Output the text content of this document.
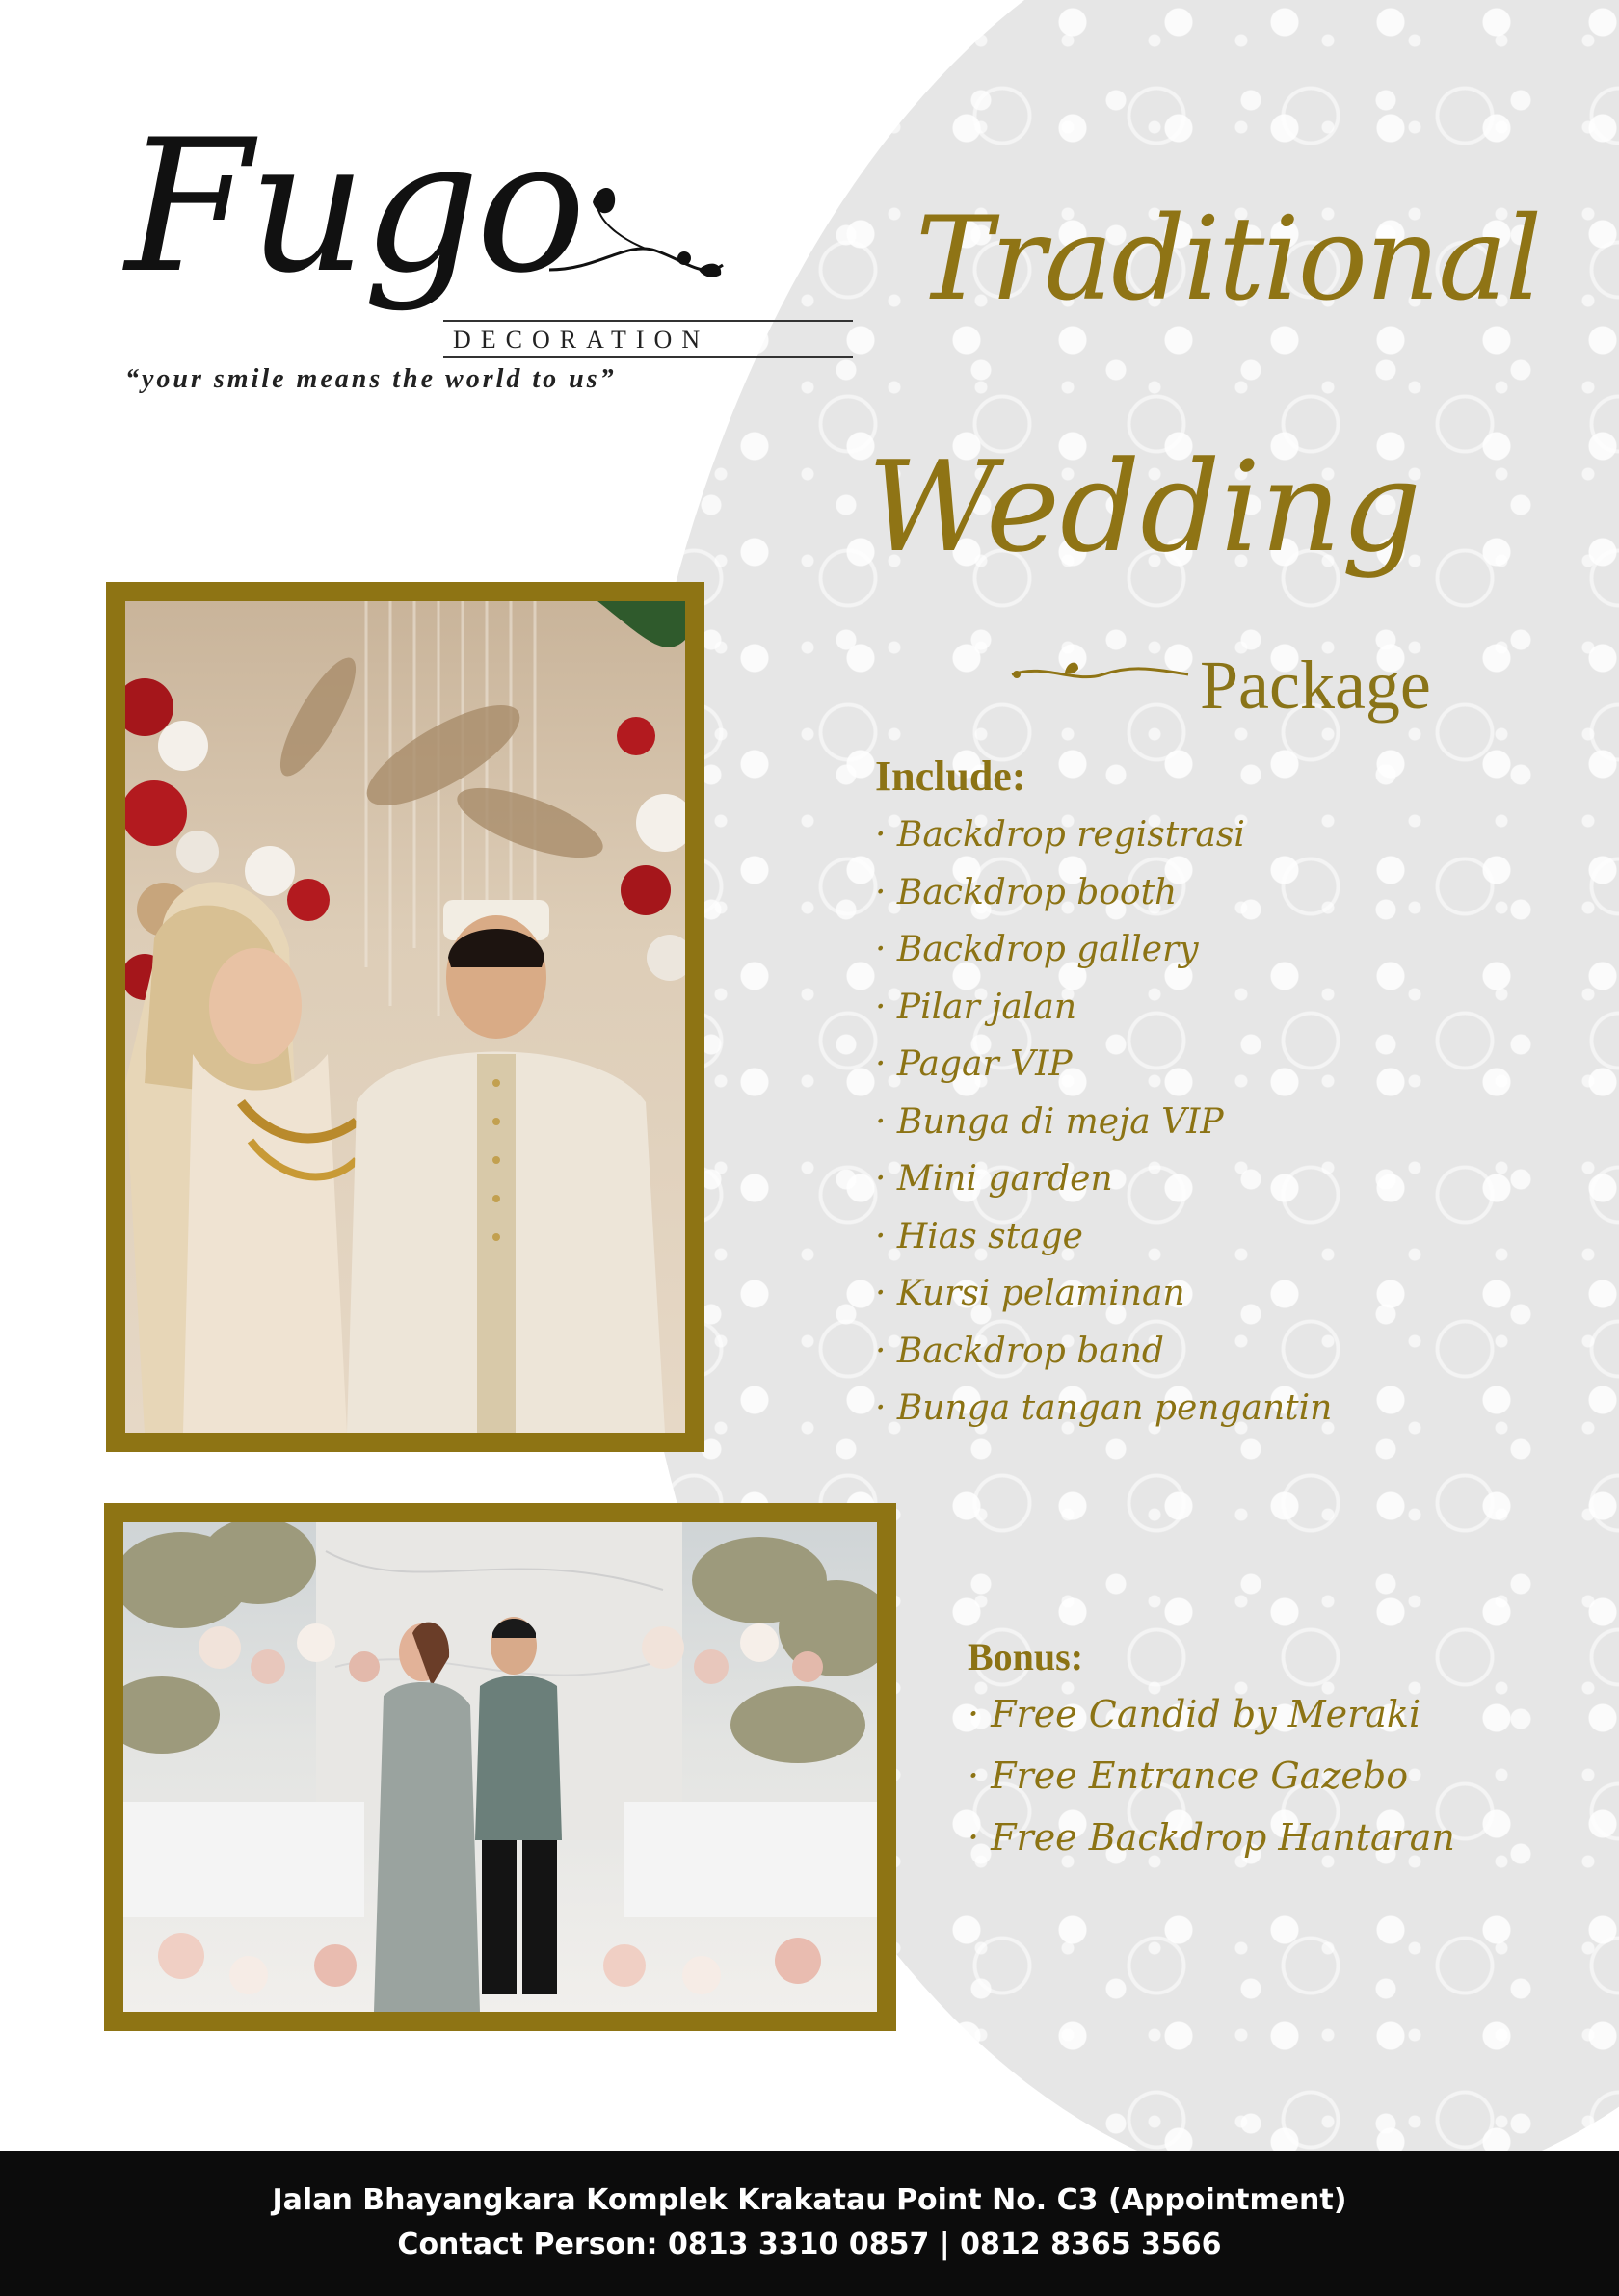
Fugo
DECORATION
“your smile means the world to us”
Traditional
Wedding
Package
Include:
· Backdrop registrasi
· Backdrop booth
· Backdrop gallery
· Pilar jalan
· Pagar VIP
· Bunga di meja VIP
· Mini garden
· Hias stage
· Kursi pelaminan
· Backdrop band
· Bunga tangan pengantin
Bonus:
· Free Candid by Meraki
· Free Entrance Gazebo
· Free Backdrop Hantaran
Jalan Bhayangkara Komplek Krakatau Point No. C3 (Appointment)
Contact Person: 0813 3310 0857 | 0812 8365 3566
